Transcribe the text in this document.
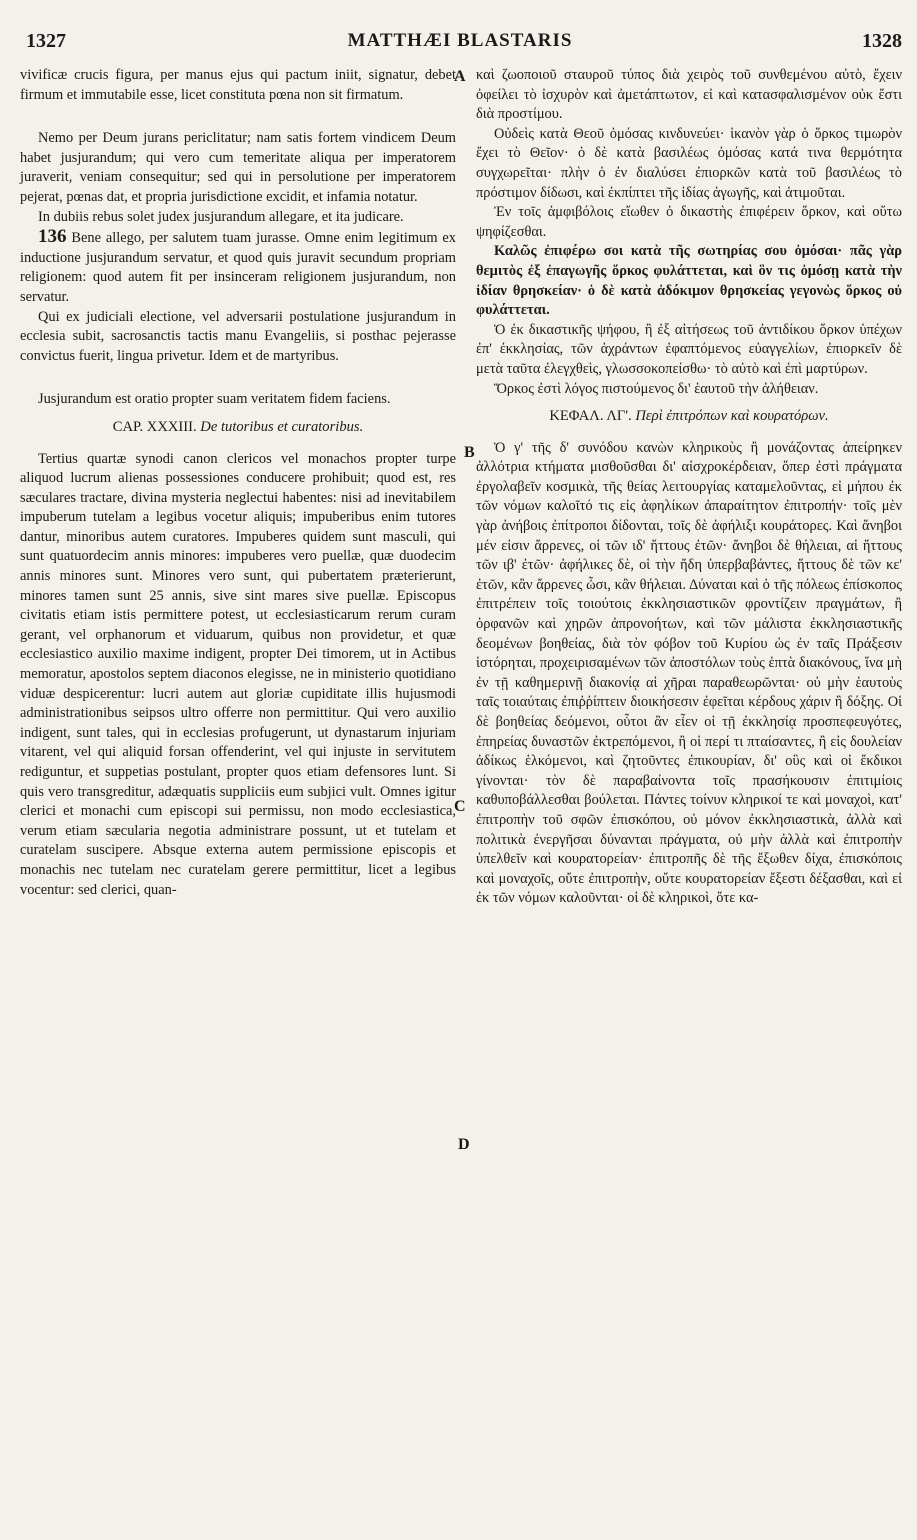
1327	MATTHÆI BLASTARIS	1328
A
B
C
D

vivificæ crucis figura, per manus ejus qui pactum iniit, signatur, debet firmum et immutabile esse, licet constituta pœna non sit firmatum.

Nemo per Deum jurans periclitatur; nam satis fortem vindicem Deum habet jusjurandum; qui vero cum temeritate aliqua per imperatorem juraverit, veniam consequitur; sed qui in persolutione per imperatorem pejerat, pœnas dat, et propria jurisdictione excidit, et infamia notatur.

In dubiis rebus solet judex jusjurandum allegare, et ita judicare.

136 Bene allego, per salutem tuam jurasse. Omne enim legitimum ex inductione jusjurandum servatur, et quod quis juravit secundum propriam religionem: quod autem fit per insinceram religionem jusjurandum, non servatur.

Qui ex judiciali electione, vel adversarii postulatione jusjurandum in ecclesia subit, sacrosanctis tactis manu Evangeliis, si posthac pejerasse convictus fuerit, lingua privetur. Idem et de martyribus.

Jusjurandum est oratio propter suam veritatem fidem faciens.

CAP. XXXIII. De tutoribus et curatoribus.

Tertius quartæ synodi canon clericos vel monachos propter turpe aliquod lucrum alienas possessiones conducere prohibuit; quod est, res sæculares tractare, divina mysteria neglectui habentes: nisi ad inevitabilem impuberum tutelam a legibus vocetur aliquis; impuberibus enim tutores dantur, minoribus autem curatores. Impuberes quidem sunt masculi, qui sunt quatuordecim annis minores: impuberes vero puellæ, quæ duodecim annis minores sunt. Minores vero sunt, qui pubertatem præterierunt, minores tamen sunt 25 annis, sive sint mares sive puellæ. Episcopus civitatis etiam istis permittere potest, ut ecclesiasticarum rerum curam gerant, vel orphanorum et viduarum, quibus non providetur, et quæ ecclesiastico auxilio maxime indigent, propter Dei timorem, ut in Actibus memoratur, apostolos septem diaconos elegisse, ne in ministerio quotidiano viduæ despicerentur: lucri autem aut gloriæ cupiditate illis hujusmodi administrationibus seipsos ultro offerre non permittitur. Qui vero auxilio indigent, sunt tales, qui in ecclesias profugerunt, ut dynastarum injuriam vitarent, vel qui aliquid forsan offenderint, vel qui injuste in servitutem rediguntur, et suppetias postulant, propter quos etiam defensores lunt. Si quis vero transgreditur, adæquatis suppliciis eum subjici vult. Omnes igitur clerici et monachi cum episcopi sui permissu, non modo ecclesiastica, verum etiam sæcularia negotia administrare possunt, ut et tutelam et curatelam suscipere. Absque externa autem permissione episcopis et monachis nec tutelam nec curatelam gerere permittitur, licet a legibus vocentur: sed clerici, quan-

καὶ ζωοποιοῦ σταυροῦ τύπος διὰ χειρὸς τοῦ συνθεμένου αὐτὸ, ἔχειν ὀφείλει τὸ ἰσχυρὸν καὶ ἀμετάπτωτον, εἰ καὶ κατασφαλισμένον οὐκ ἔστι διὰ προστίμου.

Οὐδεὶς κατὰ Θεοῦ ὀμόσας κινδυνεύει· ἱκανὸν γὰρ ὁ ὅρκος τιμωρὸν ἔχει τὸ Θεῖον· ὁ δὲ κατὰ βασιλέως ὀμόσας κατά τινα θερμότητα συγχωρεῖται· πλὴν ὁ ἐν διαλύσει ἐπιορκῶν κατὰ τοῦ βασιλέως τὸ πρόστιμον δίδωσι, καὶ ἐκπίπτει τῆς ἰδίας ἀγωγῆς, καὶ ἀτιμοῦται.

Ἐν τοῖς ἀμφιβόλοις εἴωθεν ὁ δικαστὴς ἐπιφέρειν ὅρκον, καὶ οὕτω ψηφίζεσθαι.

Καλῶς ἐπιφέρω σοι κατὰ τῆς σωτηρίας σου ὀμόσαι· πᾶς γὰρ θεμιτὸς ἐξ ἐπαγωγῆς ὅρκος φυλάττεται, καὶ ὃν τις ὀμόσῃ κατὰ τὴν ἰδίαν θρησκείαν· ὁ δὲ κατὰ ἀδόκιμον θρησκείας γεγονὼς ὅρκος οὐ φυλάττεται.

Ὁ ἐκ δικαστικῆς ψήφου, ἢ ἐξ αἰτήσεως τοῦ ἀντιδίκου ὅρκον ὑπέχων ἐπ' ἐκκλησίας, τῶν ἀχράντων ἐφαπτόμενος εὐαγγελίων, ἐπιορκεῖν δὲ μετὰ ταῦτα ἐλεγχθεὶς, γλωσσοκοπείσθω· τὸ αὐτὸ καὶ ἐπὶ μαρτύρων.

Ὅρκος ἐστὶ λόγος πιστούμενος δι' ἑαυτοῦ τὴν ἀλήθειαν.

ΚΕΦΑΛ. ΛΓ'. Περὶ ἐπιτρόπων καὶ κουρατόρων.

Ὁ γ' τῆς δ' συνόδου κανὼν κληρικοὺς ἢ μονάζοντας ἀπείρηκεν ἀλλότρια κτήματα μισθοῦσθαι δι' αἰσχροκέρδειαν, ὅπερ ἐστὶ πράγματα ἐργολαβεῖν κοσμικὰ, τῆς θείας λειτουργίας καταμελοῦντας, εἰ μήπου ἐκ τῶν νόμων καλοῖτό τις εἰς ἀφηλίκων ἀπαραίτητον ἐπιτροπήν· τοῖς μὲν γὰρ ἀνήβοις ἐπίτροποι δίδονται, τοῖς δὲ ἀφήλιξι κουράτορες. Καὶ ἄνηβοι μέν εἰσιν ἄρρενες, οἱ τῶν ιδ' ἥττους ἐτῶν· ἄνηβοι δὲ θήλειαι, αἱ ἥττους τῶν ιβ' ἐτῶν· ἀφήλικες δὲ, οἱ τὴν ἤδη ὑπερβαβάντες, ἥττους δὲ τῶν κε' ἐτῶν, κἂν ἄρρενες ὦσι, κἂν θήλειαι. Δύναται καὶ ὁ τῆς πόλεως ἐπίσκοπος ἐπιτρέπειν τοῖς τοιούτοις ἐκκλησιαστικῶν φροντίζειν πραγμάτων, ἢ ὀρφανῶν καὶ χηρῶν ἀπρονοήτων, καὶ τῶν μάλιστα ἐκκλησιαστικῆς δεομένων βοηθείας, διὰ τὸν φόβον τοῦ Κυρίου ὡς ἐν ταῖς Πράξεσιν ἱστόρηται, προχειρισαμένων τῶν ἀποστόλων τοὺς ἑπτὰ διακόνους, ἵνα μὴ ἐν τῇ καθημερινῇ διακονίᾳ αἱ χῆραι παραθεωρῶνται· οὐ μὴν ἑαυτοὺς ταῖς τοιαύταις ἐπιῤῥίπτειν διοικήσεσιν ἐφεῖται κέρδους χάριν ἢ δόξης. Οἱ δὲ βοηθείας δεόμενοι, οὗτοι ἂν εἶεν οἱ τῇ ἐκκλησίᾳ προσπεφευγότες, ἐπηρείας δυναστῶν ἐκτρεπόμενοι, ἢ οἱ περί τι πταίσαντες, ἢ εἰς δουλείαν ἀδίκως ἑλκόμενοι, καὶ ζητοῦντες ἐπικουρίαν, δι' οὓς καὶ οἱ ἔκδικοι γίνονται· τὸν δὲ παραβαίνοντα τοῖς πρασήκουσιν ἐπιτιμίοις καθυποβάλλεσθαι βούλεται. Πάντες τοίνυν κληρικοί τε καὶ μοναχοὶ, κατ' ἐπιτροπὴν τοῦ σφῶν ἐπισκόπου, οὐ μόνον ἐκκλησιαστικὰ, ἀλλὰ καὶ πολιτικὰ ἐνεργῆσαι δύνανται πράγματα, οὐ μὴν ἀλλὰ καὶ ἐπιτροπὴν ὑπελθεῖν καὶ κουρατορείαν· ἐπιτροπῆς δὲ τῆς ἔξωθεν δίχα, ἐπισκόποις καὶ μοναχοῖς, οὔτε ἐπιτροπὴν, οὔτε κουρατορείαν ἔξεστι δέξασθαι, καὶ εἰ ἐκ τῶν νόμων καλοῦνται· οἱ δὲ κληρικοὶ, ὅτε κα-
